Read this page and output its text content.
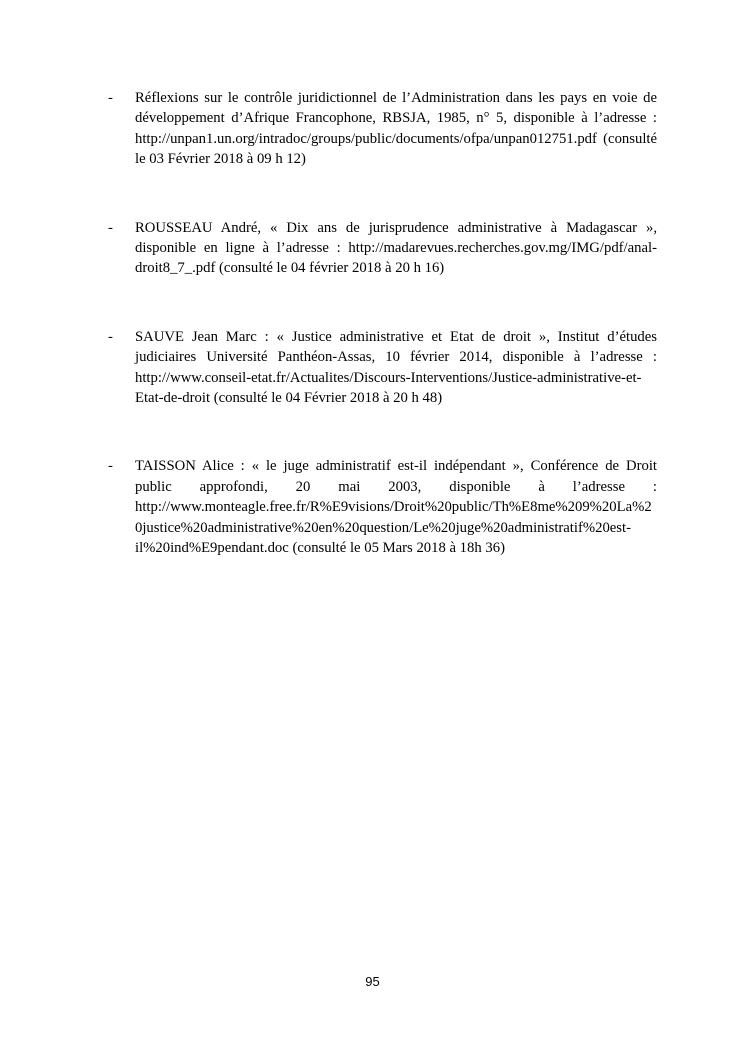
- Réflexions sur le contrôle juridictionnel de l’Administration dans les pays en voie de développement d’Afrique Francophone, RBSJA, 1985, n° 5, disponible à l’adresse : http://unpan1.un.org/intradoc/groups/public/documents/ofpa/unpan012751.pdf (consulté le 03 Février 2018 à 09 h 12)
- ROUSSEAU André, « Dix ans de jurisprudence administrative à Madagascar », disponible en ligne à l’adresse : http://madarevues.recherches.gov.mg/IMG/pdf/anal-droit8_7_.pdf (consulté le 04 février 2018 à 20 h 16)
- SAUVE Jean Marc : « Justice administrative et Etat de droit », Institut d’études judiciaires Université Panthéon-Assas, 10 février 2014, disponible à l’adresse : http://www.conseil-etat.fr/Actualites/Discours-Interventions/Justice-administrative-et-Etat-de-droit (consulté le 04 Février 2018 à 20 h 48)
- TAISSON Alice : « le juge administratif est-il indépendant », Conférence de Droit public approfondi, 20 mai 2003, disponible à l’adresse : http://www.monteagle.free.fr/R%E9visions/Droit%20public/Th%E8me%209%20La%20justice%20administrative%20en%20question/Le%20juge%20administratif%20est-il%20ind%E9pendant.doc (consulté le 05 Mars 2018 à 18h 36)
95
